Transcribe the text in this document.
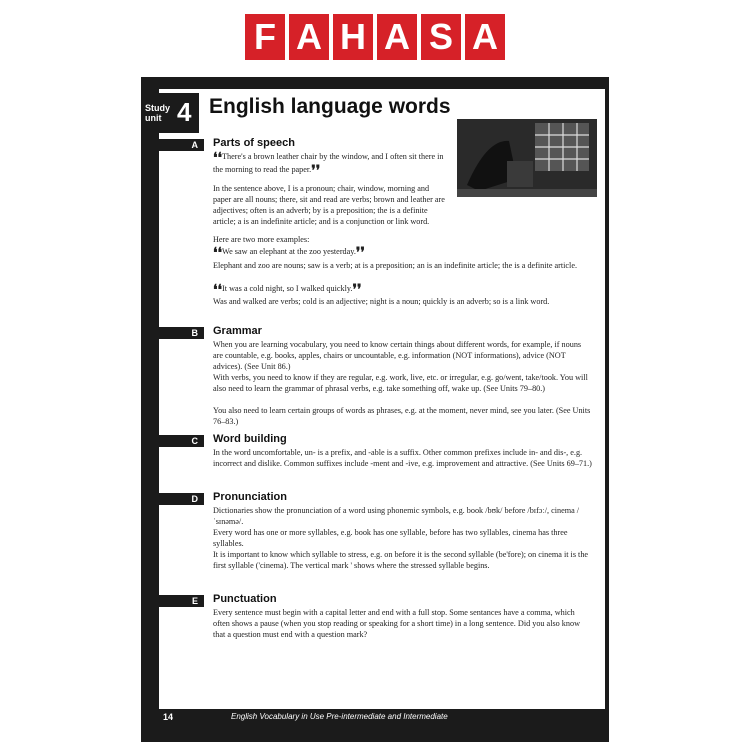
F A H A S A
Study
unit 4 English language words
A Parts of speech
❛❛There's a brown leather chair by the window, and I often sit there in the morning to read the paper.❜❜
In the sentence above, I is a pronoun; chair, window, morning and paper are all nouns; there, sit and read are verbs; brown and leather are adjectives; often is an adverb; by is a preposition; the is a definite article; a is an indefinite article; and is a conjunction or link word.
Here are two more examples:
❛❛We saw an elephant at the zoo yesterday.❜❜
Elephant and zoo are nouns; saw is a verb; at is a preposition; an is an indefinite article; the is a definite article.
❛❛It was a cold night, so I walked quickly.❜❜
Was and walked are verbs; cold is an adjective; night is a noun; quickly is an adverb; so is a link word.
B Grammar
When you are learning vocabulary, you need to know certain things about different words, for example, if nouns are countable, e.g. books, apples, chairs or uncountable, e.g. information (NOT informations), advice (NOT advices). (See Unit 86.)
With verbs, you need to know if they are regular, e.g. work, live, etc. or irregular, e.g. go/went, take/took. You will also need to learn the grammar of phrasal verbs, e.g. take something off, wake up. (See Units 79–80.)
You also need to learn certain groups of words as phrases, e.g. at the moment, never mind, see you later. (See Units 76–83.)
C Word building
In the word uncomfortable, un- is a prefix, and -able is a suffix. Other common prefixes include in- and dis-, e.g. incorrect and dislike. Common suffixes include -ment and -ive, e.g. improvement and attractive. (See Units 69–71.)
D Pronunciation
Dictionaries show the pronunciation of a word using phonemic symbols, e.g. book /bʊk/ before /bɪfɔː/, cinema /ˈsɪnəmə/.
Every word has one or more syllables, e.g. book has one syllable, before has two syllables, cinema has three syllables.
It is important to know which syllable to stress, e.g. on before it is the second syllable (be'fore); on cinema it is the first syllable ('cinema). The vertical mark ' shows where the stressed syllable begins.
E Punctuation
Every sentence must begin with a capital letter and end with a full stop. Some sentances have a comma, which often shows a pause (when you stop reading or speaking for a short time) in a long sentence. Did you also know that a question must end with a question mark?
14	English Vocabulary in Use Pre-intermediate and Intermediate
